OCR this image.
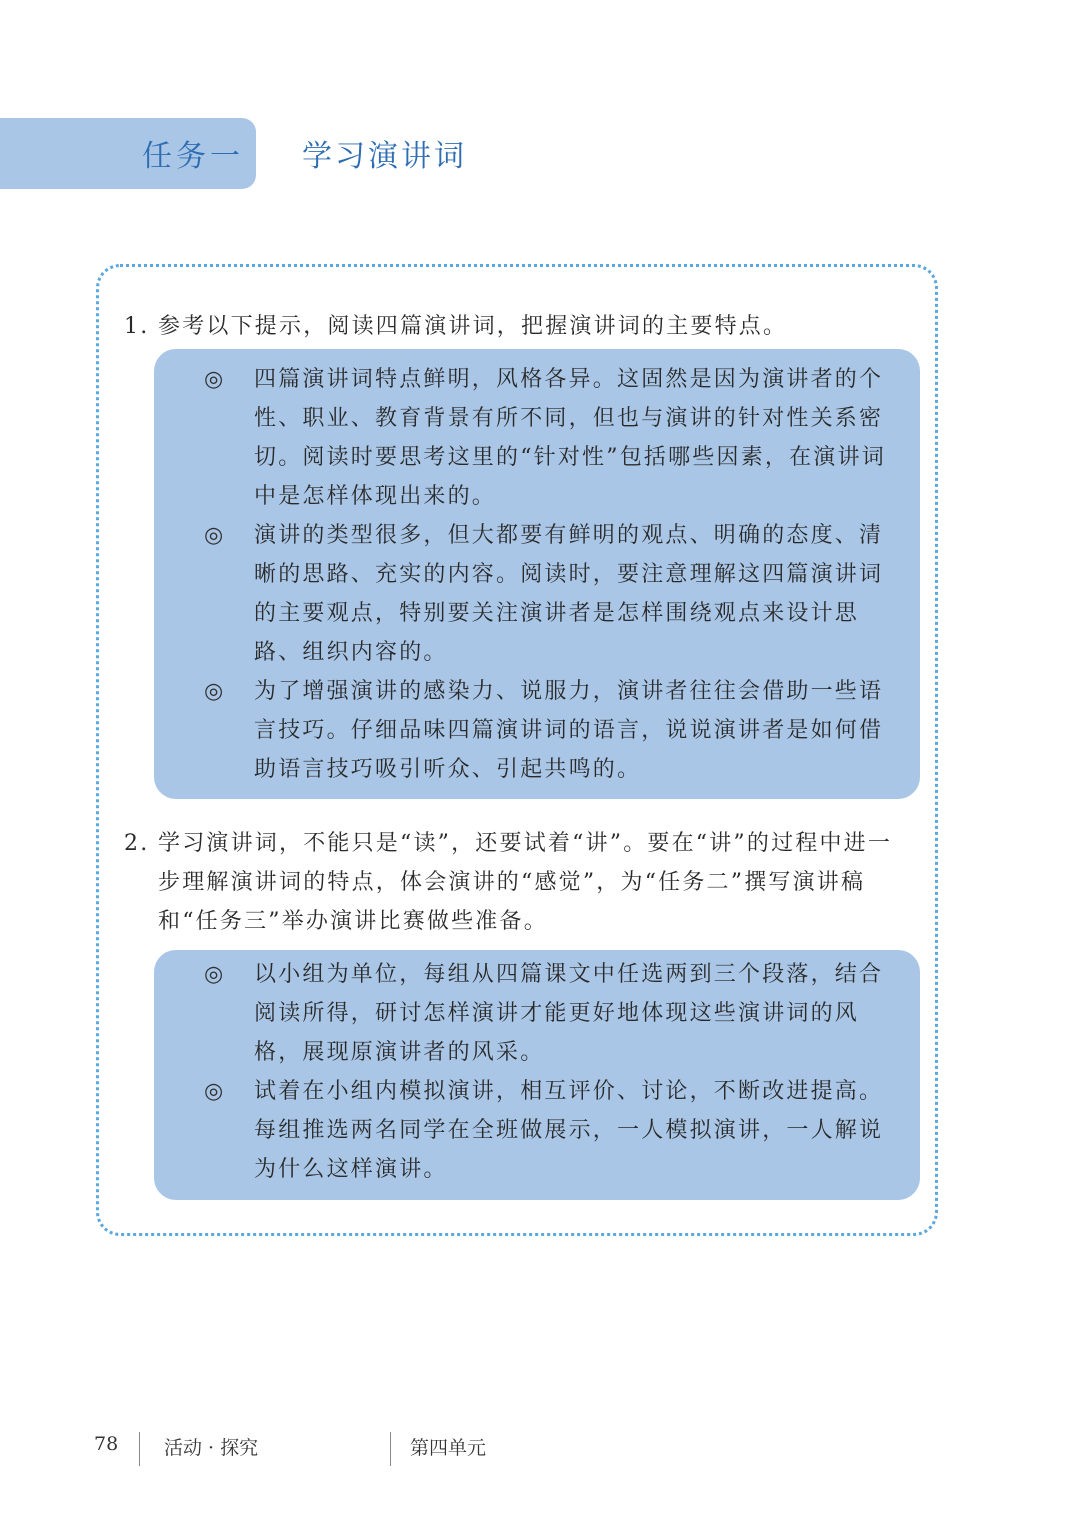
任务一 学习演讲词

1. 参考以下提示，阅读四篇演讲词，把握演讲词的主要特点。

◎ 四篇演讲词特点鲜明，风格各异。这固然是因为演讲者的个性、职业、教育背景有所不同，但也与演讲的针对性关系密切。阅读时要思考这里的“针对性”包括哪些因素，在演讲词中是怎样体现出来的。
◎ 演讲的类型很多，但大都要有鲜明的观点、明确的态度、清晰的思路、充实的内容。阅读时，要注意理解这四篇演讲词的主要观点，特别要关注演讲者是怎样围绕观点来设计思路、组织内容的。
◎ 为了增强演讲的感染力、说服力，演讲者往往会借助一些语言技巧。仔细品味四篇演讲词的语言，说说演讲者是如何借助语言技巧吸引听众、引起共鸣的。

2. 学习演讲词，不能只是“读”，还要试着“讲”。要在“讲”的过程中进一步理解演讲词的特点，体会演讲的“感觉”，为“任务二”撰写演讲稿和“任务三”举办演讲比赛做些准备。

◎ 以小组为单位，每组从四篇课文中任选两到三个段落，结合阅读所得，研讨怎样演讲才能更好地体现这些演讲词的风格，展现原演讲者的风采。
◎ 试着在小组内模拟演讲，相互评价、讨论，不断改进提高。每组推选两名同学在全班做展示，一人模拟演讲，一人解说为什么这样演讲。
78 活动 · 探究	第四单元
